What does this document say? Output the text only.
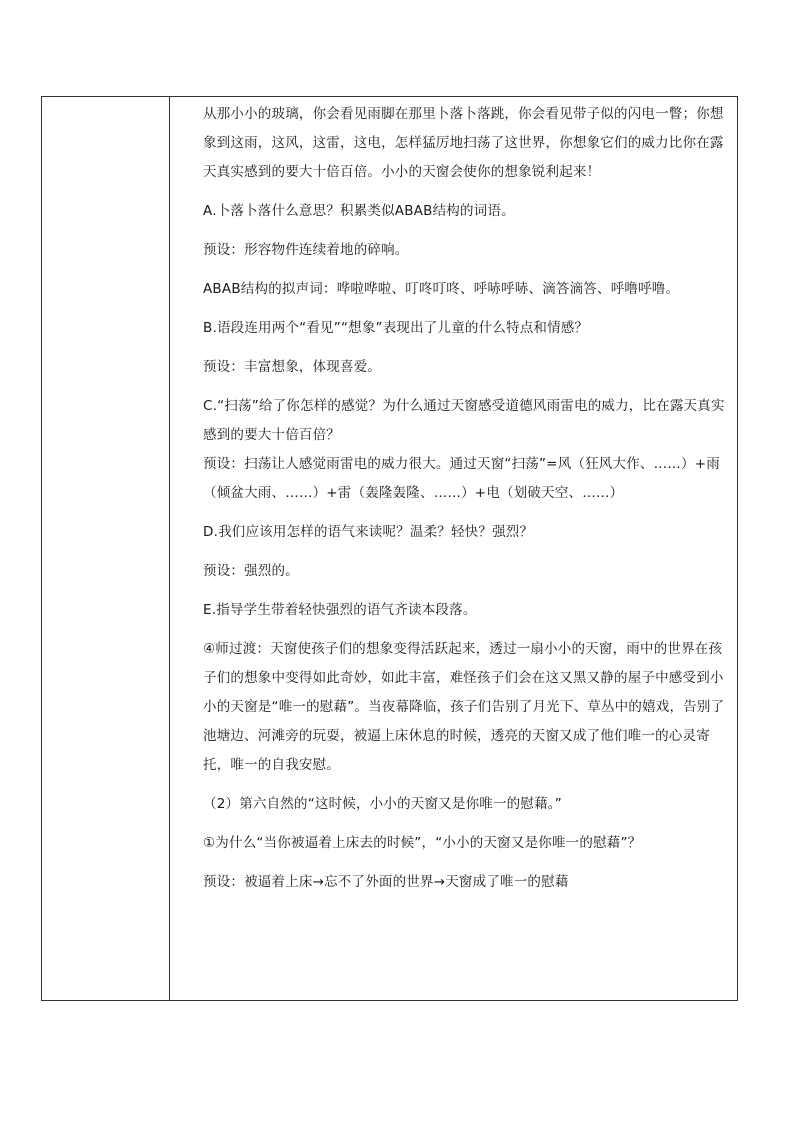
从那小小的玻璃，你会看见雨脚在那里卜落卜落跳，你会看见带子似的闪电一瞥；你想象到这雨，这风，这雷，这电，怎样猛厉地扫荡了这世界，你想象它们的威力比你在露天真实感到的要大十倍百倍。小小的天窗会使你的想象锐利起来！

A.卜落卜落什么意思？积累类似ABAB结构的词语。

预设：形容物件连续着地的碎响。

ABAB结构的拟声词：哗啦哗啦、叮咚叮咚、呼哧呼哧、滴答滴答、呼噜呼噜。

B.语段连用两个“看见”“想象”表现出了儿童的什么特点和情感？

预设：丰富想象，体现喜爱。

C.“扫荡”给了你怎样的感觉？为什么通过天窗感受道德风雨雷电的威力，比在露天真实感到的要大十倍百倍？

预设：扫荡让人感觉雨雷电的威力很大。通过天窗“扫荡”=风（狂风大作、……）+雨（倾盆大雨、……）+雷（轰隆轰隆、……）+电（划破天空、……）

D.我们应该用怎样的语气来读呢？温柔？轻快？强烈？

预设：强烈的。

E.指导学生带着轻快强烈的语气齐读本段落。

④师过渡：天窗使孩子们的想象变得活跃起来，透过一扇小小的天窗，雨中的世界在孩子们的想象中变得如此奇妙，如此丰富，难怪孩子们会在这又黑又静的屋子中感受到小小的天窗是“唯一的慰藉”。当夜幕降临，孩子们告别了月光下、草丛中的嬉戏，告别了池塘边、河滩旁的玩耍，被逼上床休息的时候，透亮的天窗又成了他们唯一的心灵寄托，唯一的自我安慰。

（2）第六自然的“这时候，小小的天窗又是你唯一的慰藉。”

①为什么“当你被逼着上床去的时候”，“小小的天窗又是你唯一的慰藉”？

预设：被逼着上床→忘不了外面的世界→天窗成了唯一的慰藉
